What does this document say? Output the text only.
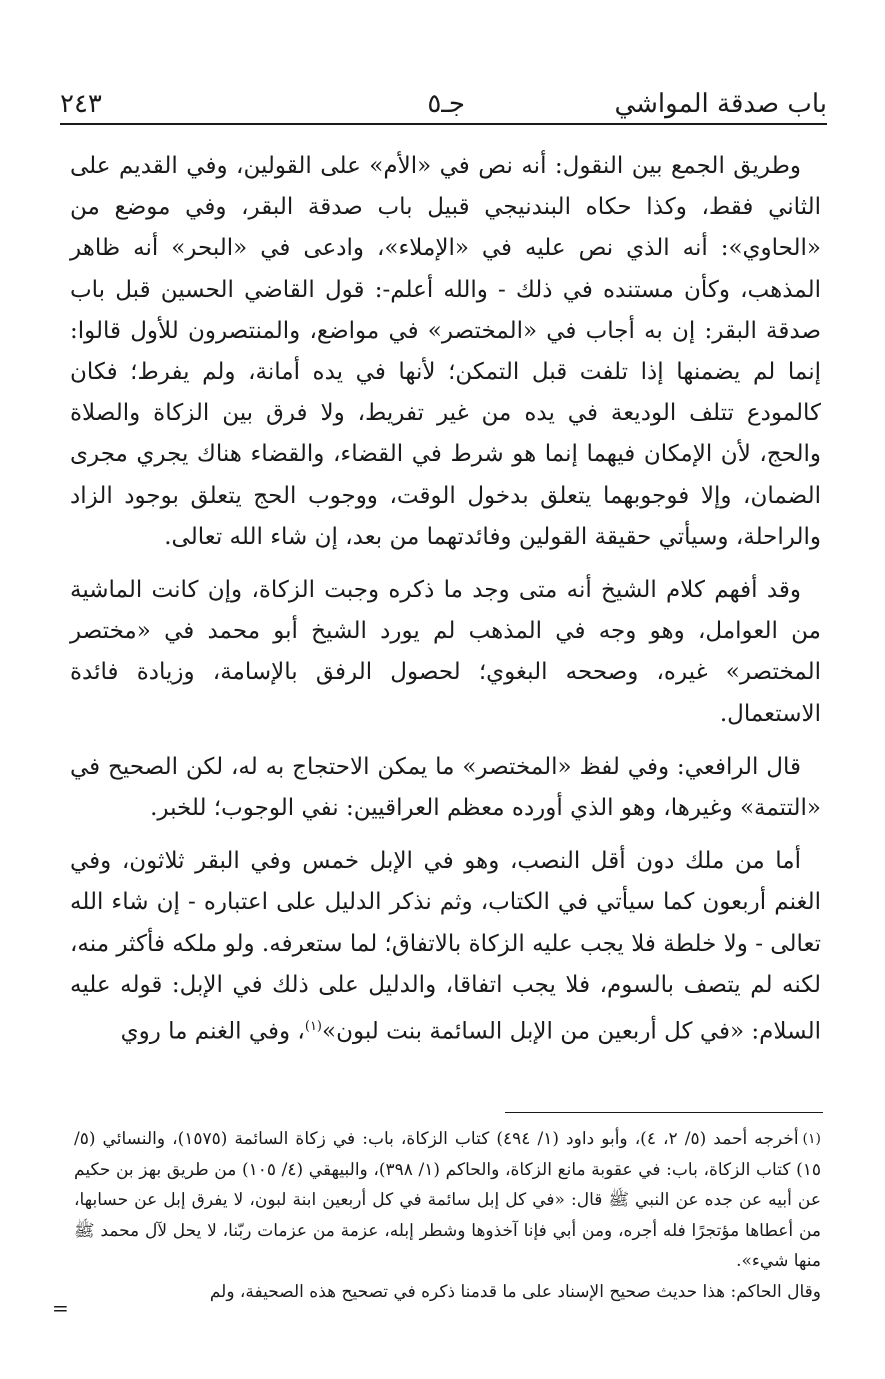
باب صدقة المواشي
جـ٥
٢٤٣

وطريق الجمع بين النقول: أنه نص في «الأم» على القولين، وفي القديم على الثاني فقط، وكذا حكاه البندنيجي قبيل باب صدقة البقر، وفي موضع من «الحاوي»: أنه الذي نص عليه في «الإملاء»، وادعى في «البحر» أنه ظاهر المذهب، وكأن مستنده في ذلك - والله أعلم-: قول القاضي الحسين قبل باب صدقة البقر: إن به أجاب في «المختصر» في مواضع، والمنتصرون للأول قالوا: إنما لم يضمنها إذا تلفت قبل التمكن؛ لأنها في يده أمانة، ولم يفرط؛ فكان كالمودع تتلف الوديعة في يده من غير تفريط، ولا فرق بين الزكاة والصلاة والحج، لأن الإمكان فيهما إنما هو شرط في القضاء، والقضاء هناك يجري مجرى الضمان، وإلا فوجوبهما يتعلق بدخول الوقت، ووجوب الحج يتعلق بوجود الزاد والراحلة، وسيأتي حقيقة القولين وفائدتهما من بعد، إن شاء الله تعالى.

وقد أفهم كلام الشيخ أنه متى وجد ما ذكره وجبت الزكاة، وإن كانت الماشية من العوامل، وهو وجه في المذهب لم يورد الشيخ أبو محمد في «مختصر المختصر» غيره، وصححه البغوي؛ لحصول الرفق بالإسامة، وزيادة فائدة الاستعمال.

قال الرافعي: وفي لفظ «المختصر» ما يمكن الاحتجاج به له، لكن الصحيح في «التتمة» وغيرها، وهو الذي أورده معظم العراقيين: نفي الوجوب؛ للخبر.

أما من ملك دون أقل النصب، وهو في الإبل خمس وفي البقر ثلاثون، وفي الغنم أربعون كما سيأتي في الكتاب، وثم نذكر الدليل على اعتباره - إن شاء الله تعالى - ولا خلطة فلا يجب عليه الزكاة بالاتفاق؛ لما ستعرفه. ولو ملكه فأكثر منه، لكنه لم يتصف بالسوم، فلا يجب اتفاقا، والدليل على ذلك في الإبل: قوله عليه السلام: «في كل أربعين من الإبل السائمة بنت لبون»$^{(١)}$، وفي الغنم ما روي

$^{(١)}$أخرجه أحمد (٥/ ٢، ٤)، وأبو داود (١/ ٤٩٤) كتاب الزكاة، باب: في زكاة السائمة (١٥٧٥)، والنسائي (٥/ ١٥) كتاب الزكاة، باب: في عقوبة مانع الزكاة، والحاكم (١/ ٣٩٨)، والبيهقي (٤/ ١٠٥) من طريق بهز بن حكيم عن أبيه عن جده عن النبي ﷺ قال: «في كل إبل سائمة في كل أربعين ابنة لبون، لا يفرق إبل عن حسابها، من أعطاها مؤتجرًا فله أجره، ومن أبي فإنا آخذوها وشطر إبله، عزمة من عزمات ربّنا، لا يحل لآل محمد ﷺ منها شيء».

وقال الحاكم: هذا حديث صحيح الإسناد على ما قدمنا ذكره في تصحيح هذه الصحيفة، ولم

=
